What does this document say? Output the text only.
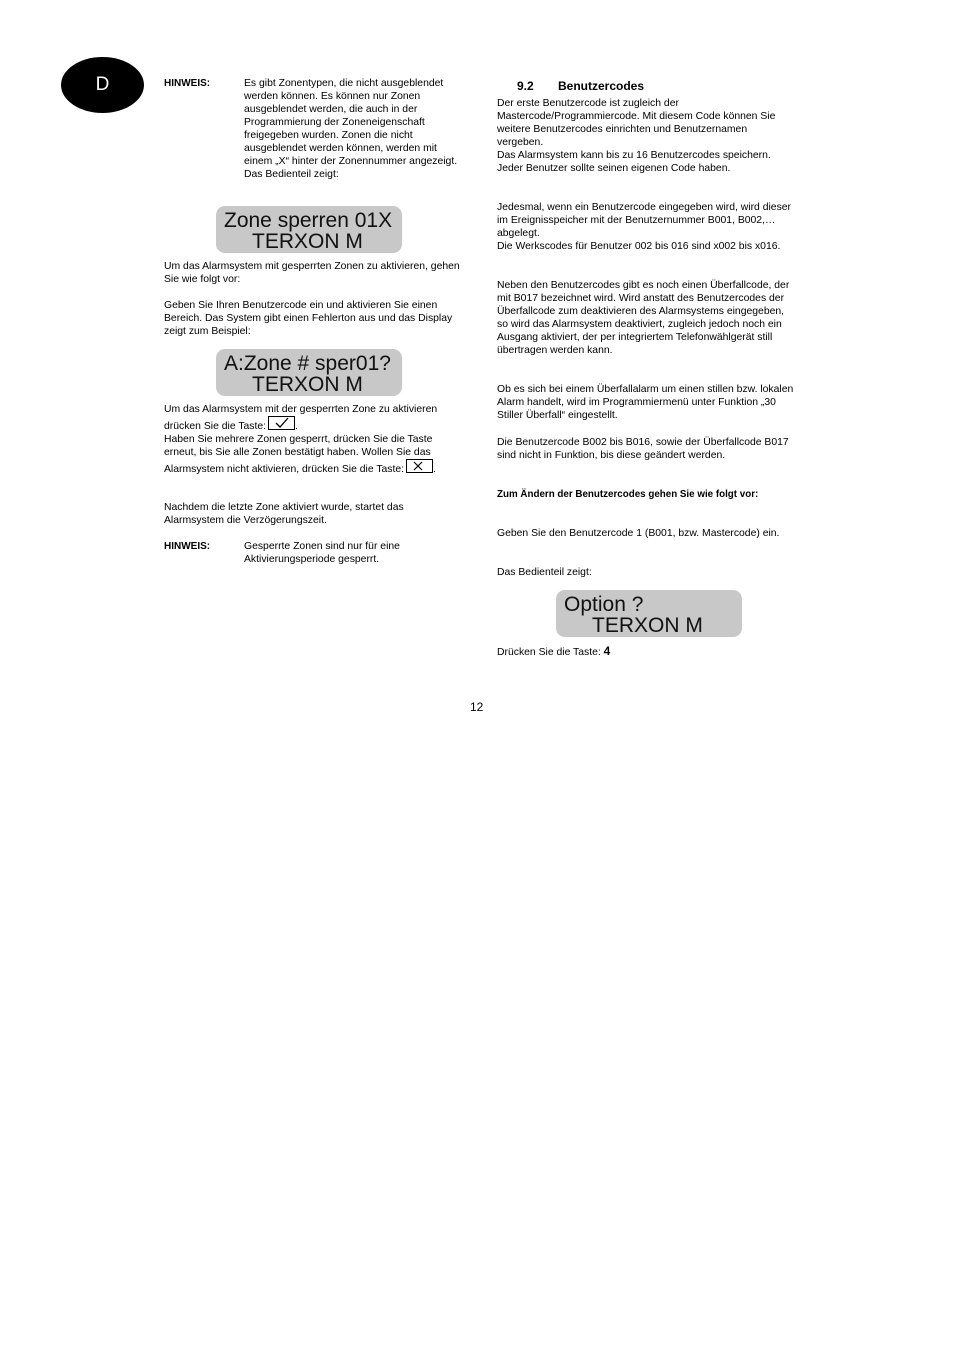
D	HINWEIS:	Es gibt Zonentypen, die nicht ausgeblendet werden können. Es können nur Zonen ausgeblendet werden, die auch in der Programmierung der Zoneneigenschaft freigegeben wurden. Zonen die nicht ausgeblendet werden können, werden mit einem „X“ hinter der Zonennummer angezeigt. Das Bedienteil zeigt:
Zone sperren 01X
TERXON M
Um das Alarmsystem mit gesperrten Zonen zu aktivieren, gehen Sie wie folgt vor:
Geben Sie Ihren Benutzercode ein und aktivieren Sie einen Bereich. Das System gibt einen Fehlerton aus und das Display zeigt zum Beispiel:
A:Zone # sper01?
TERXON M
Um das Alarmsystem mit der gesperrten Zone zu aktivieren drücken Sie die Taste:	.
Haben Sie mehrere Zonen gesperrt, drücken Sie die Taste erneut, bis Sie alle Zonen bestätigt haben. Wollen Sie das Alarmsystem nicht aktivieren, drücken Sie die Taste:	.
Nachdem die letzte Zone aktiviert wurde, startet das Alarmsystem die Verzögerungszeit.
HINWEIS:	Gesperrte Zonen sind nur für eine Aktivierungsperiode gesperrt.
9.2 Benutzercodes
Der erste Benutzercode ist zugleich der Mastercode/Programmiercode. Mit diesem Code können Sie weitere Benutzercodes einrichten und Benutzernamen vergeben.
Das Alarmsystem kann bis zu 16 Benutzercodes speichern. Jeder Benutzer sollte seinen eigenen Code haben.
Jedesmal, wenn ein Benutzercode eingegeben wird, wird dieser im Ereignisspeicher mit der Benutzernummer B001, B002,… abgelegt.
Die Werkscodes für Benutzer 002 bis 016 sind x002 bis x016.
Neben den Benutzercodes gibt es noch einen Überfallcode, der mit B017 bezeichnet wird. Wird anstatt des Benutzercodes der Überfallcode zum deaktivieren des Alarmsystems eingegeben, so wird das Alarmsystem deaktiviert, zugleich jedoch noch ein Ausgang aktiviert, der per integriertem Telefonwählgerät still übertragen werden kann.
Ob es sich bei einem Überfallalarm um einen stillen bzw. lokalen Alarm handelt, wird im Programmiermenü unter Funktion „30 Stiller Überfall“ eingestellt.
Die Benutzercode B002 bis B016, sowie der Überfallcode B017 sind nicht in Funktion, bis diese geändert werden.
Zum Ändern der Benutzercodes gehen Sie wie folgt vor:
Geben Sie den Benutzercode 1 (B001, bzw. Mastercode) ein.
Das Bedienteil zeigt:
Option ?
TERXON M
Drücken Sie die Taste: 4
12
